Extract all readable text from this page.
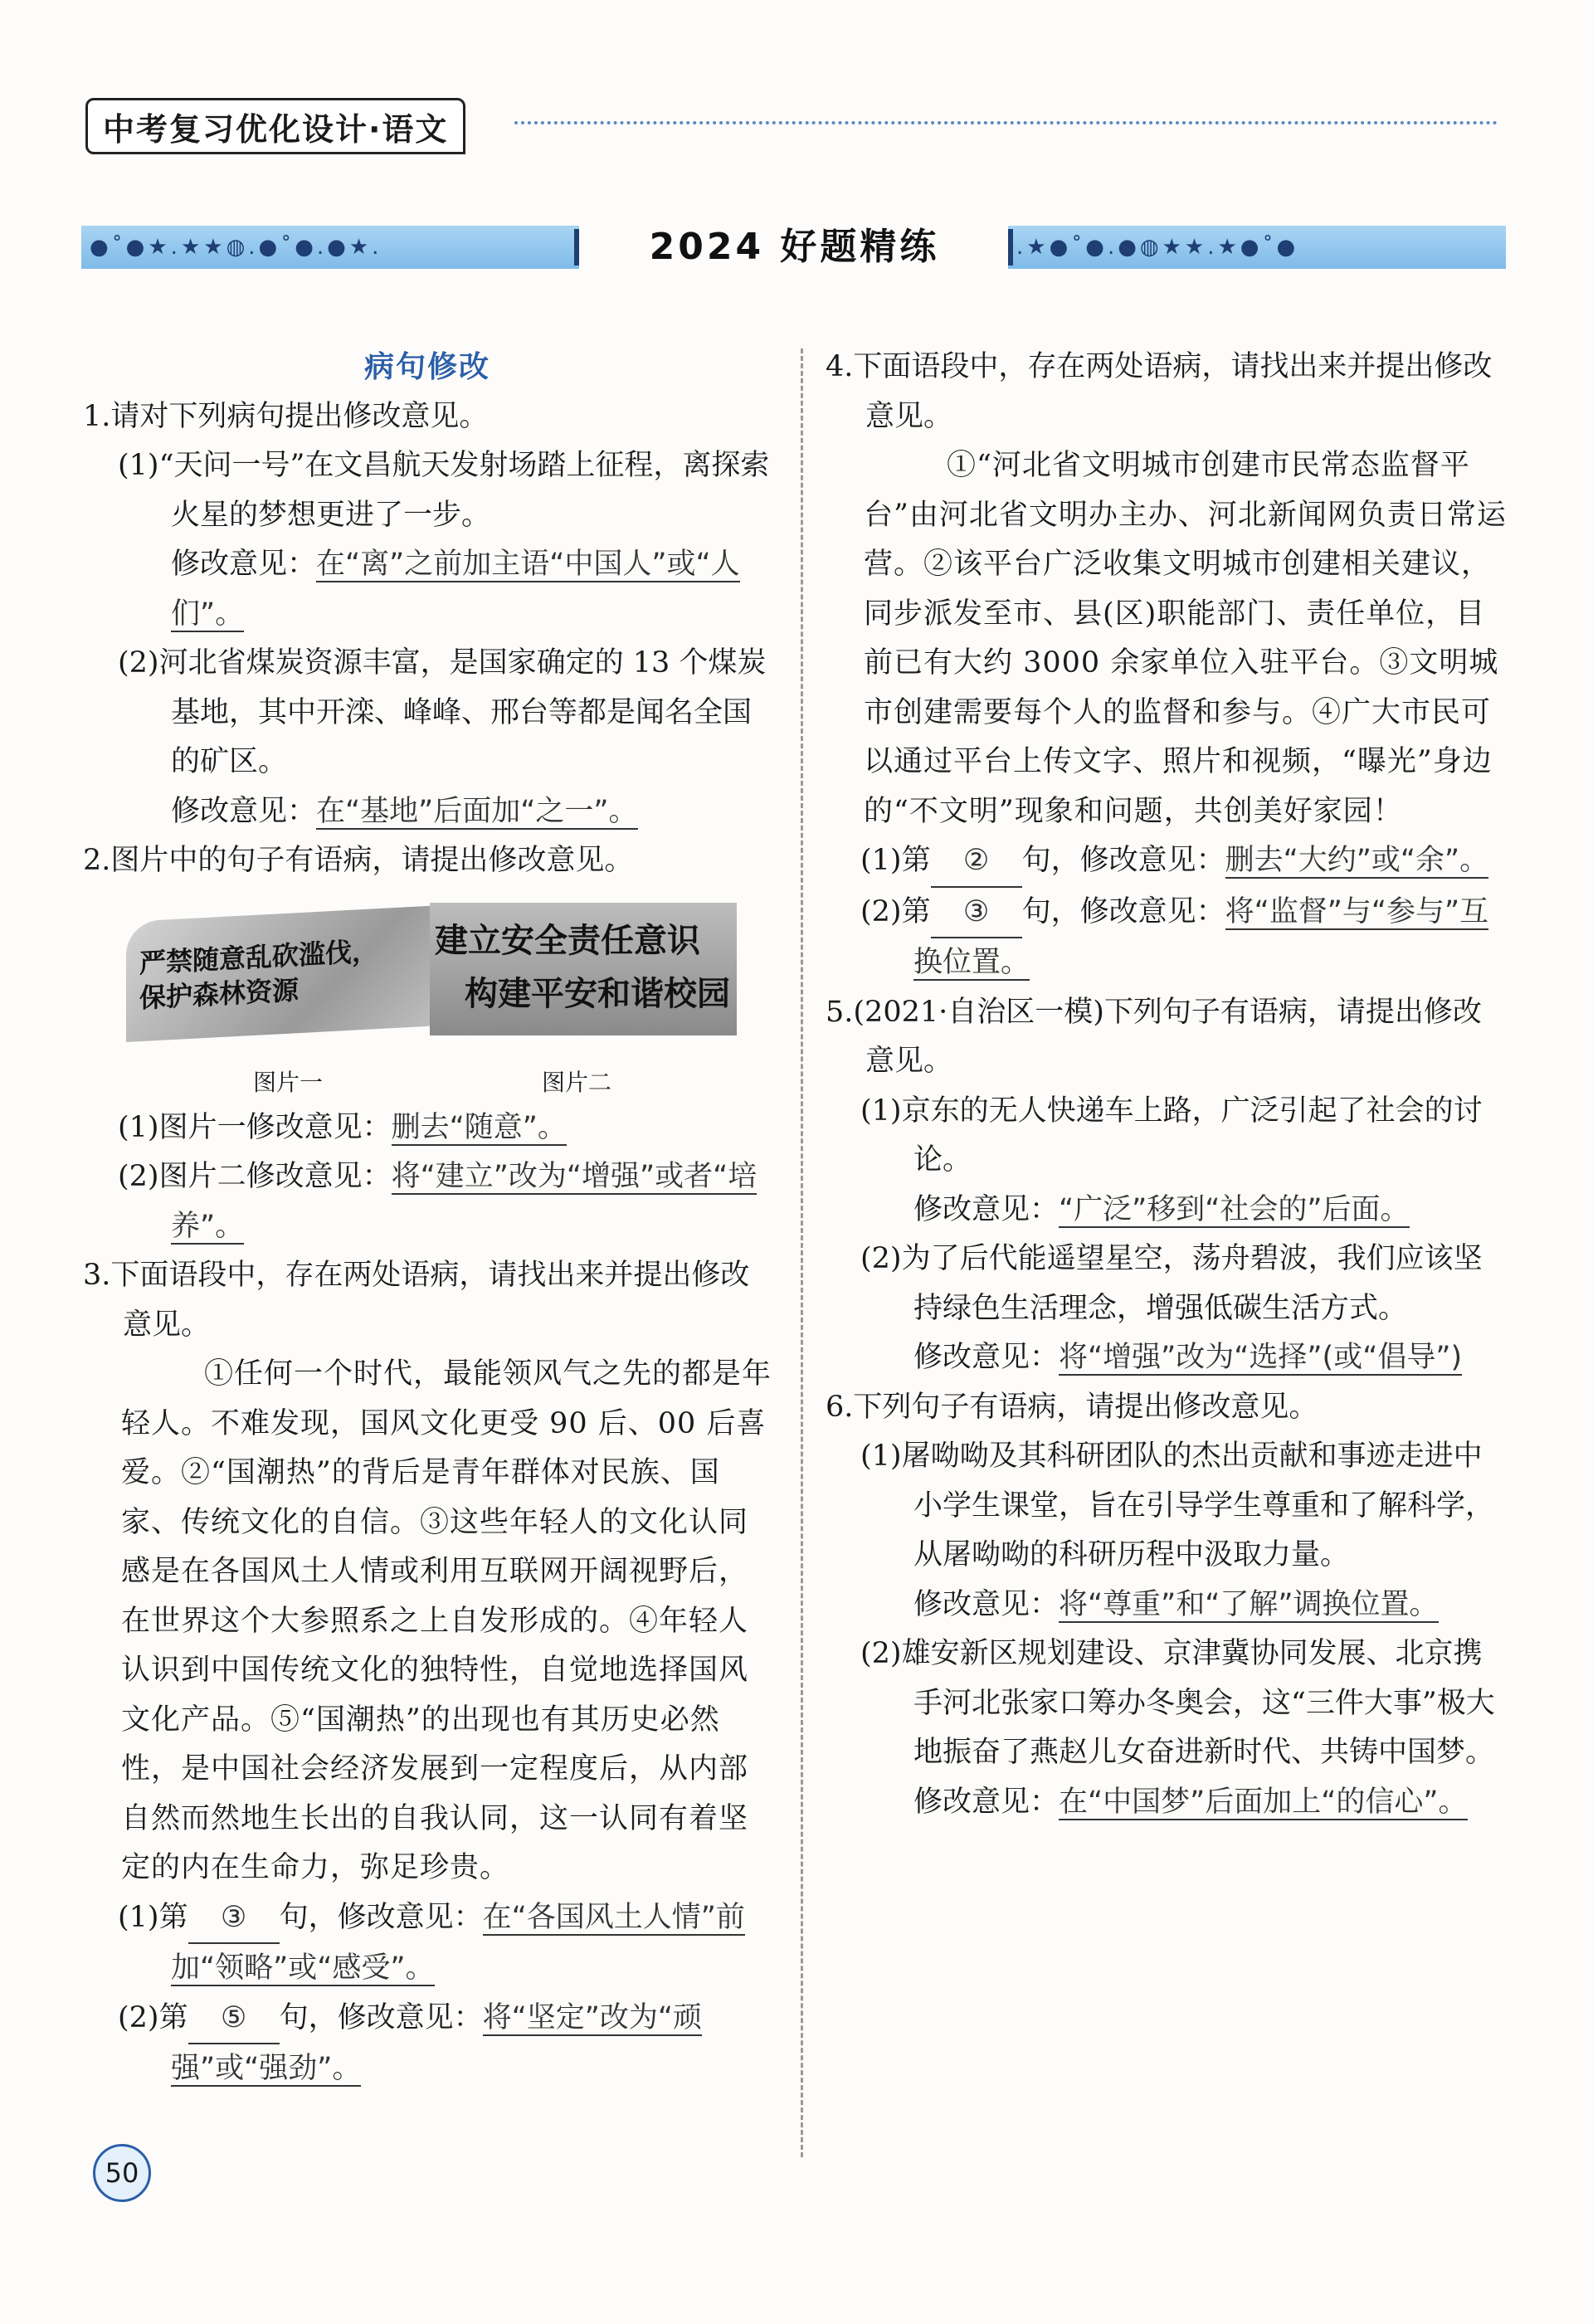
中考复习优化设计·语文
●˚●★.★★◍.●˚●.●★.	2024 好题精练	.★●˚●.●◍★★.★●˚●

病句修改

1.请对下列病句提出修改意见。

(1)“天问一号”在文昌航天发射场踏上征程，离探索火星的梦想更进了一步。

修改意见：在“离”之前加主语“中国人”或“人们”。

(2)河北省煤炭资源丰富，是国家确定的 13 个煤炭基地，其中开滦、峰峰、邢台等都是闻名全国的矿区。

修改意见：在“基地”后面加“之一”。

2.图片中的句子有语病，请提出修改意见。

严禁随意乱砍滥伐，
保护森林资源
建立安全责任意识
构建平安和谐校园
图片一	图片二

(1)图片一修改意见：删去“随意”。

(2)图片二修改意见：将“建立”改为“增强”或者“培养”。

3.下面语段中，存在两处语病，请找出来并提出修改意见。

①任何一个时代，最能领风气之先的都是年轻人。不难发现，国风文化更受 90 后、00 后喜爱。②“国潮热”的背后是青年群体对民族、国家、传统文化的自信。③这些年轻人的文化认同感是在各国风土人情或利用互联网开阔视野后，在世界这个大参照系之上自发形成的。④年轻人认识到中国传统文化的独特性，自觉地选择国风文化产品。⑤“国潮热”的出现也有其历史必然性，是中国社会经济发展到一定程度后，从内部自然而然地生长出的自我认同，这一认同有着坚定的内在生命力，弥足珍贵。

(1)第 ③ 句，修改意见：在“各国风土人情”前加“领略”或“感受”。

(2)第 ⑤ 句，修改意见：将“坚定”改为“顽强”或“强劲”。

4.下面语段中，存在两处语病，请找出来并提出修改意见。

①“河北省文明城市创建市民常态监督平台”由河北省文明办主办、河北新闻网负责日常运营。②该平台广泛收集文明城市创建相关建议，同步派发至市、县(区)职能部门、责任单位，目前已有大约 3000 余家单位入驻平台。③文明城市创建需要每个人的监督和参与。④广大市民可以通过平台上传文字、照片和视频，“曝光”身边的“不文明”现象和问题，共创美好家园！

(1)第 ② 句，修改意见：删去“大约”或“余”。

(2)第 ③ 句，修改意见：将“监督”与“参与”互换位置。

5.(2021·自治区一模)下列句子有语病，请提出修改意见。

(1)京东的无人快递车上路，广泛引起了社会的讨论。

修改意见：“广泛”移到“社会的”后面。

(2)为了后代能遥望星空，荡舟碧波，我们应该坚持绿色生活理念，增强低碳生活方式。

修改意见：将“增强”改为“选择”(或“倡导”)

6.下列句子有语病，请提出修改意见。

(1)屠呦呦及其科研团队的杰出贡献和事迹走进中小学生课堂，旨在引导学生尊重和了解科学，从屠呦呦的科研历程中汲取力量。

修改意见：将“尊重”和“了解”调换位置。

(2)雄安新区规划建设、京津冀协同发展、北京携手河北张家口筹办冬奥会，这“三件大事”极大地振奋了燕赵儿女奋进新时代、共铸中国梦。

修改意见：在“中国梦”后面加上“的信心”。

50
